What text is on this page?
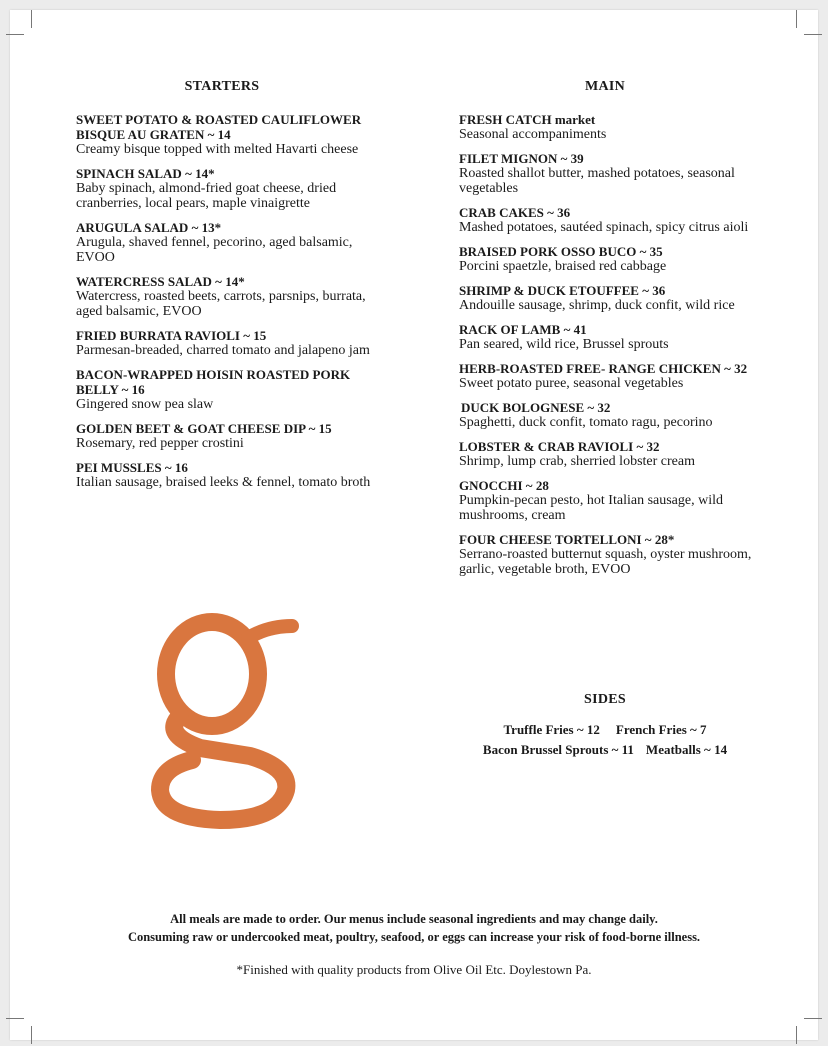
STARTERS	MAIN
SWEET POTATO & ROASTED CAULIFLOWER BISQUE AU GRATEN ~ 14
Creamy bisque topped with melted Havarti cheese
SPINACH SALAD ~ 14*
Baby spinach, almond-fried goat cheese, dried cranberries, local pears, maple vinaigrette
ARUGULA SALAD ~ 13*
Arugula, shaved fennel, pecorino, aged balsamic, EVOO
WATERCRESS SALAD ~ 14*
Watercress, roasted beets, carrots, parsnips, burrata, aged balsamic, EVOO
FRIED BURRATA RAVIOLI ~ 15
Parmesan-breaded, charred tomato and jalapeno jam
BACON-WRAPPED HOISIN ROASTED PORK BELLY ~ 16
Gingered snow pea slaw
GOLDEN BEET & GOAT CHEESE DIP ~ 15
Rosemary, red pepper crostini
PEI MUSSLES ~ 16
Italian sausage, braised leeks & fennel, tomato broth
FRESH CATCH market
Seasonal accompaniments
FILET MIGNON ~ 39
Roasted shallot butter, mashed potatoes, seasonal vegetables
CRAB CAKES ~ 36
Mashed potatoes, sautéed spinach, spicy citrus aioli
BRAISED PORK OSSO BUCO ~ 35
Porcini spaetzle, braised red cabbage
SHRIMP & DUCK ETOUFFEE ~ 36
Andouille sausage, shrimp, duck confit, wild rice
RACK OF LAMB ~ 41
Pan seared, wild rice, Brussel sprouts
HERB-ROASTED FREE- RANGE CHICKEN ~ 32
Sweet potato puree, seasonal vegetables
DUCK BOLOGNESE ~ 32
Spaghetti, duck confit, tomato ragu, pecorino
LOBSTER & CRAB RAVIOLI ~ 32
Shrimp, lump crab, sherried lobster cream
GNOCCHI ~ 28
Pumpkin-pecan pesto, hot Italian sausage, wild mushrooms, cream
FOUR CHEESE TORTELLONI ~ 28*
Serrano-roasted butternut squash, oyster mushroom, garlic, vegetable broth, EVOO
SIDES
Truffle Fries ~ 12 French Fries ~ 7
Bacon Brussel Sprouts ~ 11 Meatballs ~ 14
All meals are made to order. Our menus include seasonal ingredients and may change daily.
Consuming raw or undercooked meat, poultry, seafood, or eggs can increase your risk of food-borne illness.
*Finished with quality products from Olive Oil Etc. Doylestown Pa.
